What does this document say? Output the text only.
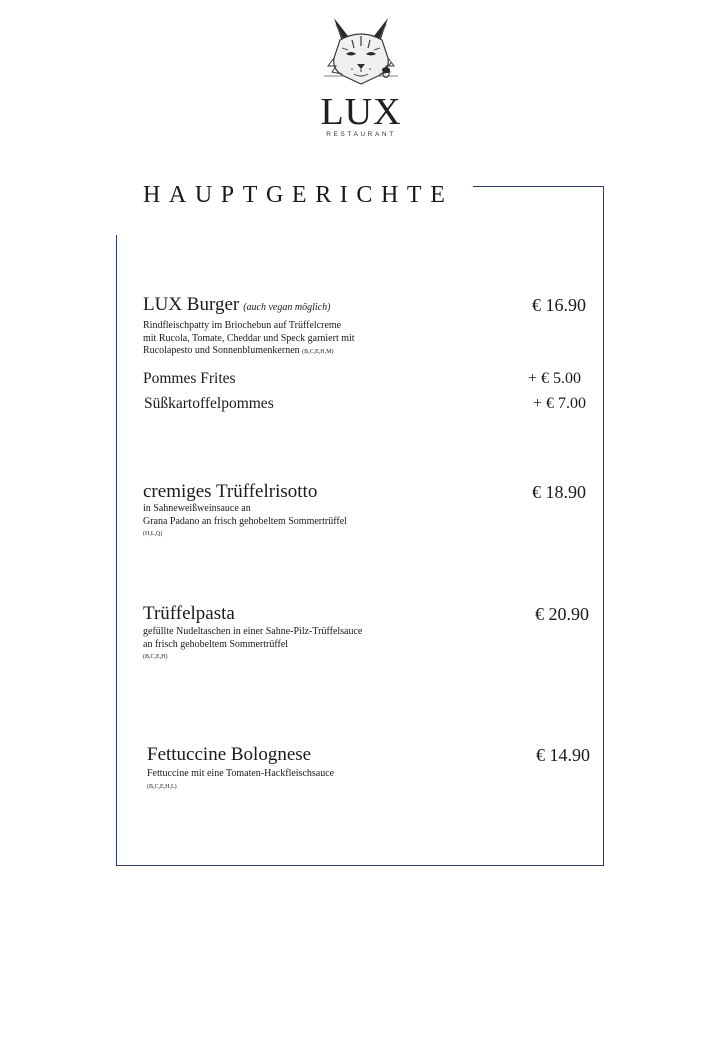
LUX
RESTAURANT
HAUPTGERICHTE
LUX Burger (auch vegan möglich)	€ 16.90
Rindfleischpatty im Briochebun auf Trüffelcreme
mit Rucola, Tomate, Cheddar und Speck garniert mit
Rucolapesto und Sonnenblumenkernen (B,C,E,H,M)
Pommes Frites	+ € 5.00
Süßkartoffelpommes	+ € 7.00
cremiges Trüffelrisotto	€ 18.90
in Sahneweißweinsauce an
Grana Padano an frisch gehobeltem Sommertrüffel
(H,L,Q)
Trüffelpasta	€ 20.90
gefüllte Nudeltaschen in einer Sahne-Pilz-Trüffelsauce
an frisch gehobeltem Sommertrüffel
(B,C,E,H)
Fettuccine Bolognese	€ 14.90
Fettuccine mit eine Tomaten-Hackfleischsauce
(B,C,E,H,L)
